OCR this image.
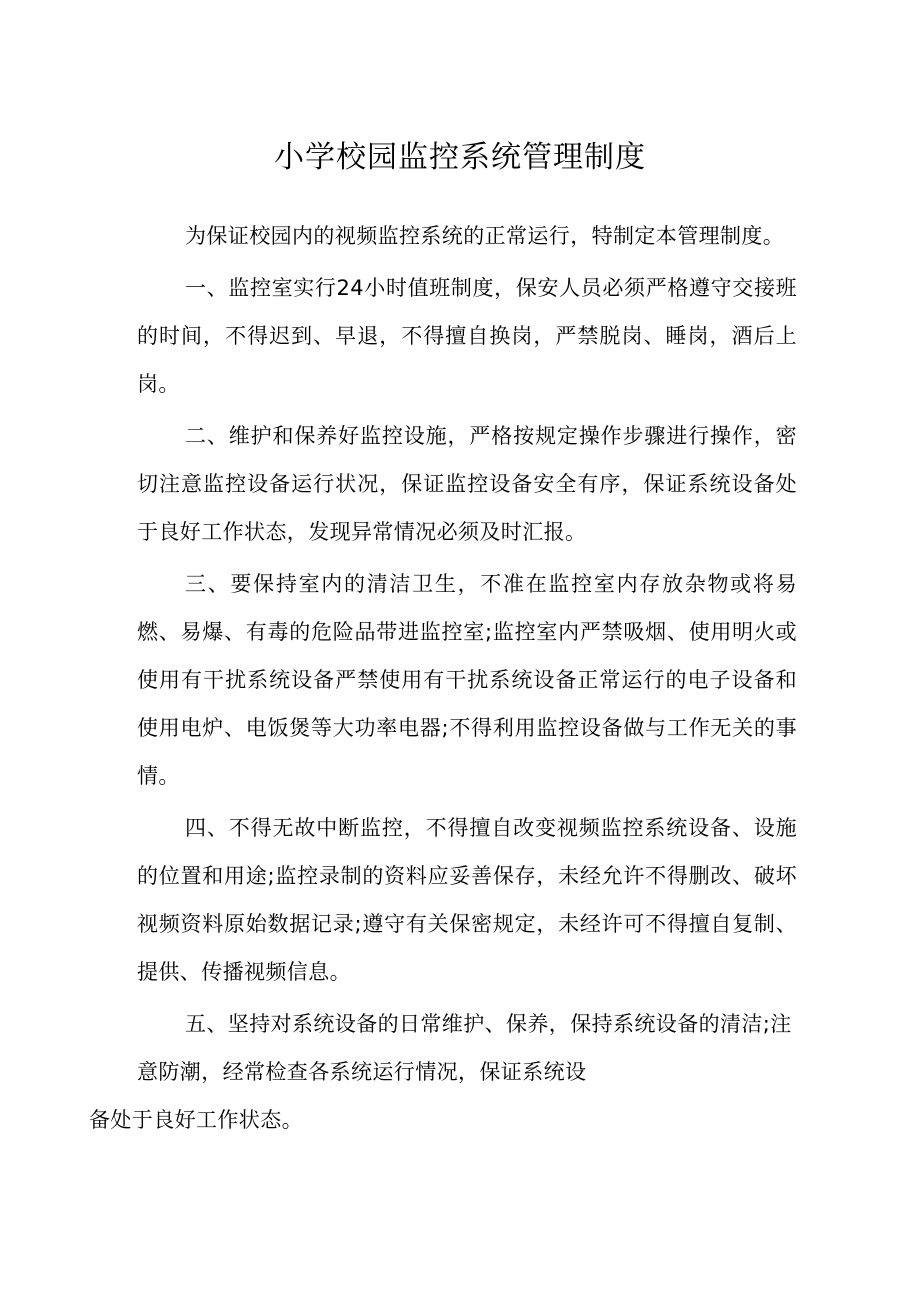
小学校园监控系统管理制度

为保证校园内的视频监控系统的正常运行，特制定本管理制度。

一、监控室实行24小时值班制度，保安人员必须严格遵守交接班的时间，不得迟到、早退，不得擅自换岗，严禁脱岗、睡岗，酒后上岗。

二、维护和保养好监控设施，严格按规定操作步骤进行操作，密切注意监控设备运行状况，保证监控设备安全有序，保证系统设备处于良好工作状态，发现异常情况必须及时汇报。

三、要保持室内的清洁卫生，不准在监控室内存放杂物或将易燃、易爆、有毒的危险品带进监控室;监控室内严禁吸烟、使用明火或使用有干扰系统设备严禁使用有干扰系统设备正常运行的电子设备和使用电炉、电饭煲等大功率电器;不得利用监控设备做与工作无关的事情。

四、不得无故中断监控，不得擅自改变视频监控系统设备、设施的位置和用途;监控录制的资料应妥善保存，未经允许不得删改、破坏视频资料原始数据记录;遵守有关保密规定，未经许可不得擅自复制、提供、传播视频信息。

五、坚持对系统设备的日常维护、保养，保持系统设备的清洁;注意防潮，经常检查各系统运行情况，保证系统设
备处于良好工作状态。
